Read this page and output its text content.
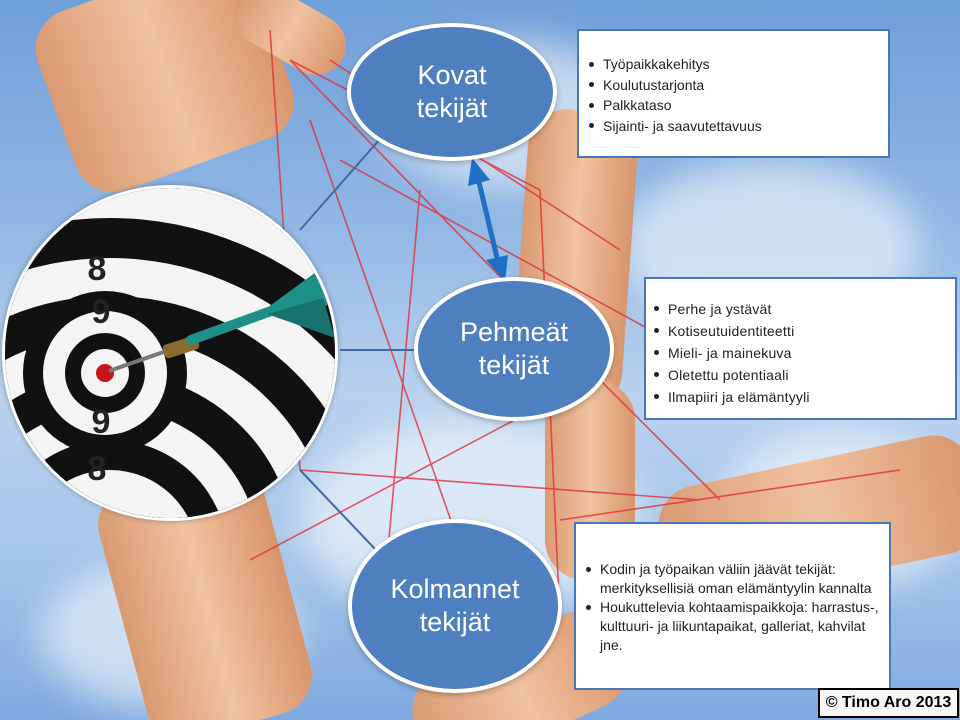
8
9
9
8
Kovat
tekijät
Pehmeät
tekijät
Kolmannet
tekijät
Työpaikkakehitys
Koulutustarjonta
Palkkataso
Sijainti- ja saavutettavuus
Perhe ja ystävät
Kotiseutuidentiteetti
Mieli- ja mainekuva
Oletettu potentiaali
Ilmapiiri ja elämäntyyli
Kodin ja työpaikan väliin jäävät tekijät: merkityksellisiä oman elämäntyylin kannalta
Houkuttelevia kohtaamispaikkoja: harrastus-, kulttuuri- ja liikuntapaikat, galleriat, kahvilat jne.
© Timo Aro 2013
